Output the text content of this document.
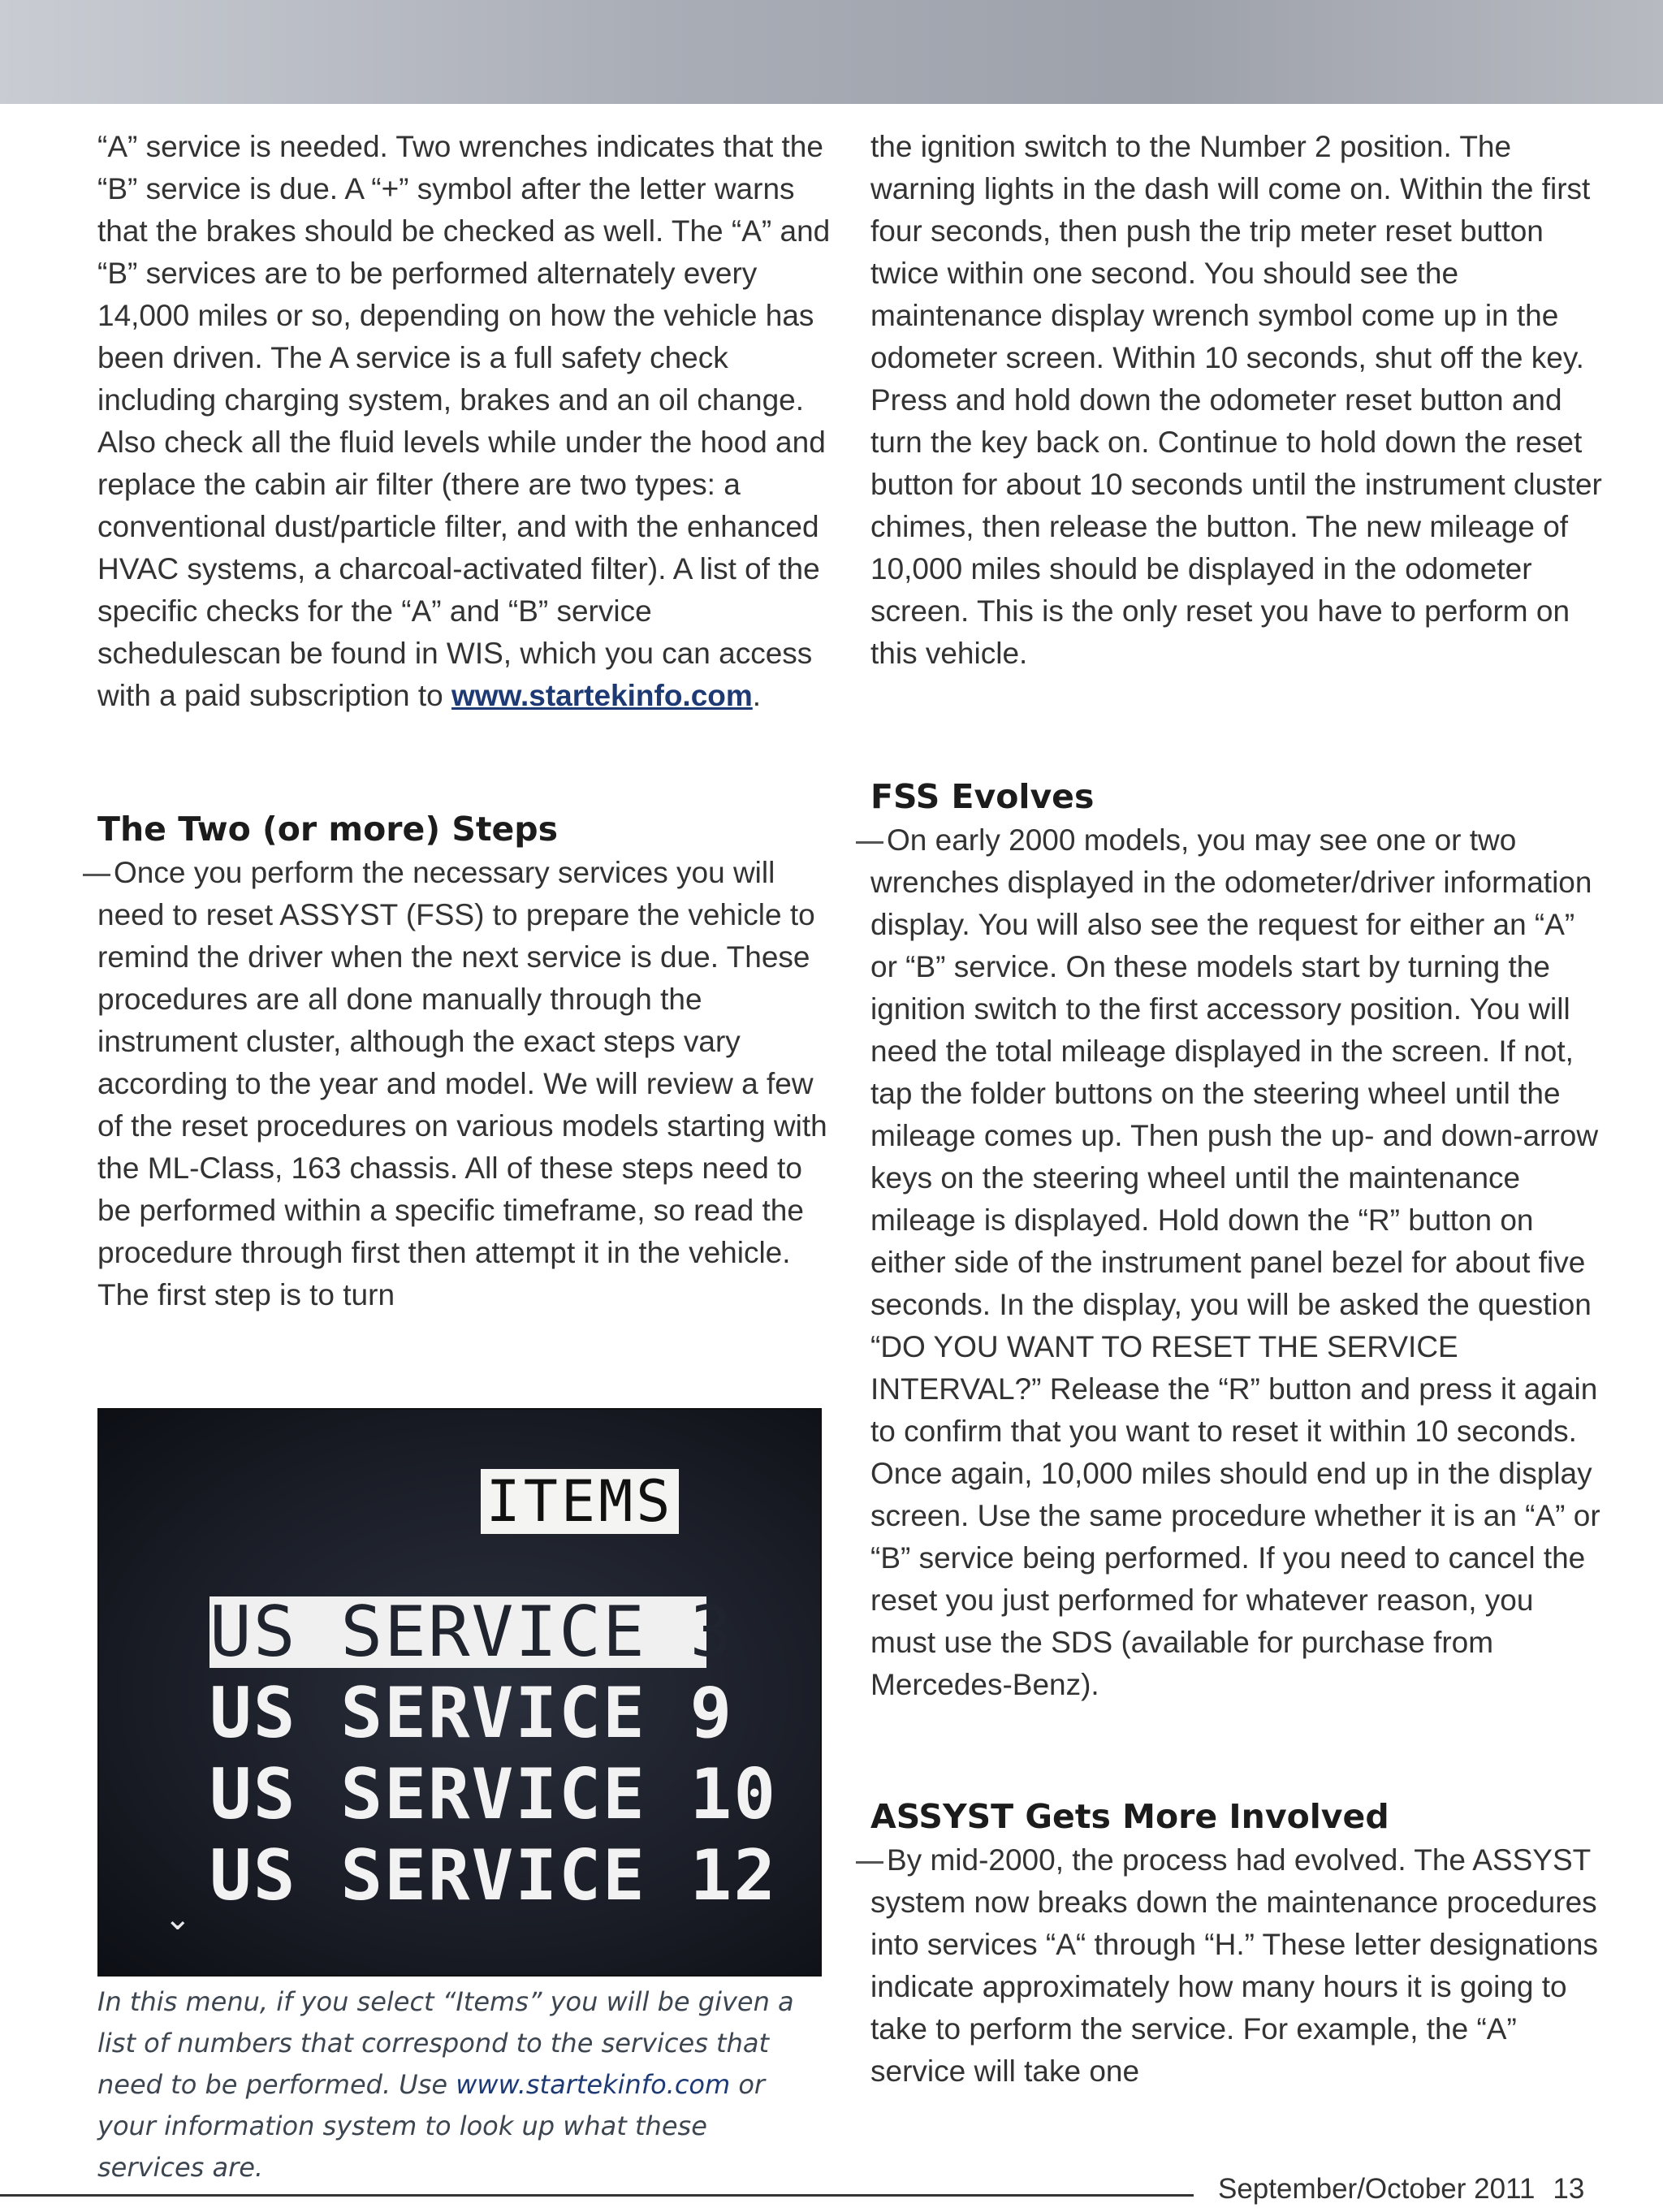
“A” service is needed. Two wrenches indicates that the “B” service is due. A “+” symbol after the letter warns that the brakes should be checked as well. The “A” and “B” services are to be performed alternately every 14,000 miles or so, depending on how the vehicle has been driven. The A service is a full safety check including charging system, brakes and an oil change. Also check all the fluid levels while under the hood and replace the cabin air filter (there are two types: a conventional dust/particle filter, and with the enhanced HVAC systems, a charcoal-activated filter). A list of the specific checks for the “A” and “B” service schedulescan be found in WIS, which you can access with a paid subscription to www.startekinfo.com.

The Two (or more) Steps

Once you perform the necessary services you will need to reset ASSYST (FSS) to prepare the vehicle to remind the driver when the next service is due. These procedures are all done manually through the instrument cluster, although the exact steps vary according to the year and model. We will review a few of the reset procedures on various models starting with the ML-Class, 163 chassis. All of these steps need to be performed within a specific timeframe, so read the procedure through first then attempt it in the vehicle. The first step is to turn

ITEMS
US SERVICE 3
US SERVICE 9
US SERVICE 10
US SERVICE 12
⌄
In this menu, if you select “Items” you will be given a list of numbers that correspond to the services that need to be performed. Use www.startekinfo.com or your information system to look up what these services are.

the ignition switch to the Number 2 position. The warning lights in the dash will come on. Within the first four seconds, then push the trip meter reset button twice within one second. You should see the maintenance display wrench symbol come up in the odometer screen. Within 10 seconds, shut off the key. Press and hold down the odometer reset button and turn the key back on. Continue to hold down the reset button for about 10 seconds until the instrument cluster chimes, then release the button. The new mileage of 10,000 miles should be displayed in the odometer screen. This is the only reset you have to perform on this vehicle.

FSS Evolves

On early 2000 models, you may see one or two wrenches displayed in the odometer/driver information display. You will also see the request for either an “A” or “B” service. On these models start by turning the ignition switch to the first accessory position. You will need the total mileage displayed in the screen. If not, tap the folder buttons on the steering wheel until the mileage comes up. Then push the up- and down-arrow keys on the steering wheel until the maintenance mileage is displayed. Hold down the “R” button on either side of the instrument panel bezel for about five seconds. In the display, you will be asked the question “DO YOU WANT TO RESET THE SERVICE INTERVAL?” Release the “R” button and press it again to confirm that you want to reset it within 10 seconds. Once again, 10,000 miles should end up in the display screen. Use the same procedure whether it is an “A” or “B” service being performed. If you need to cancel the reset you just performed for whatever reason, you must use the SDS (available for purchase from Mercedes-Benz).

ASSYST Gets More Involved

By mid-2000, the process had evolved. The ASSYST system now breaks down the maintenance procedures into services “A“ through “H.” These letter designations indicate approximately how many hours it is going to take to perform the service. For example, the “A” service will take one

September/October 2011 13
